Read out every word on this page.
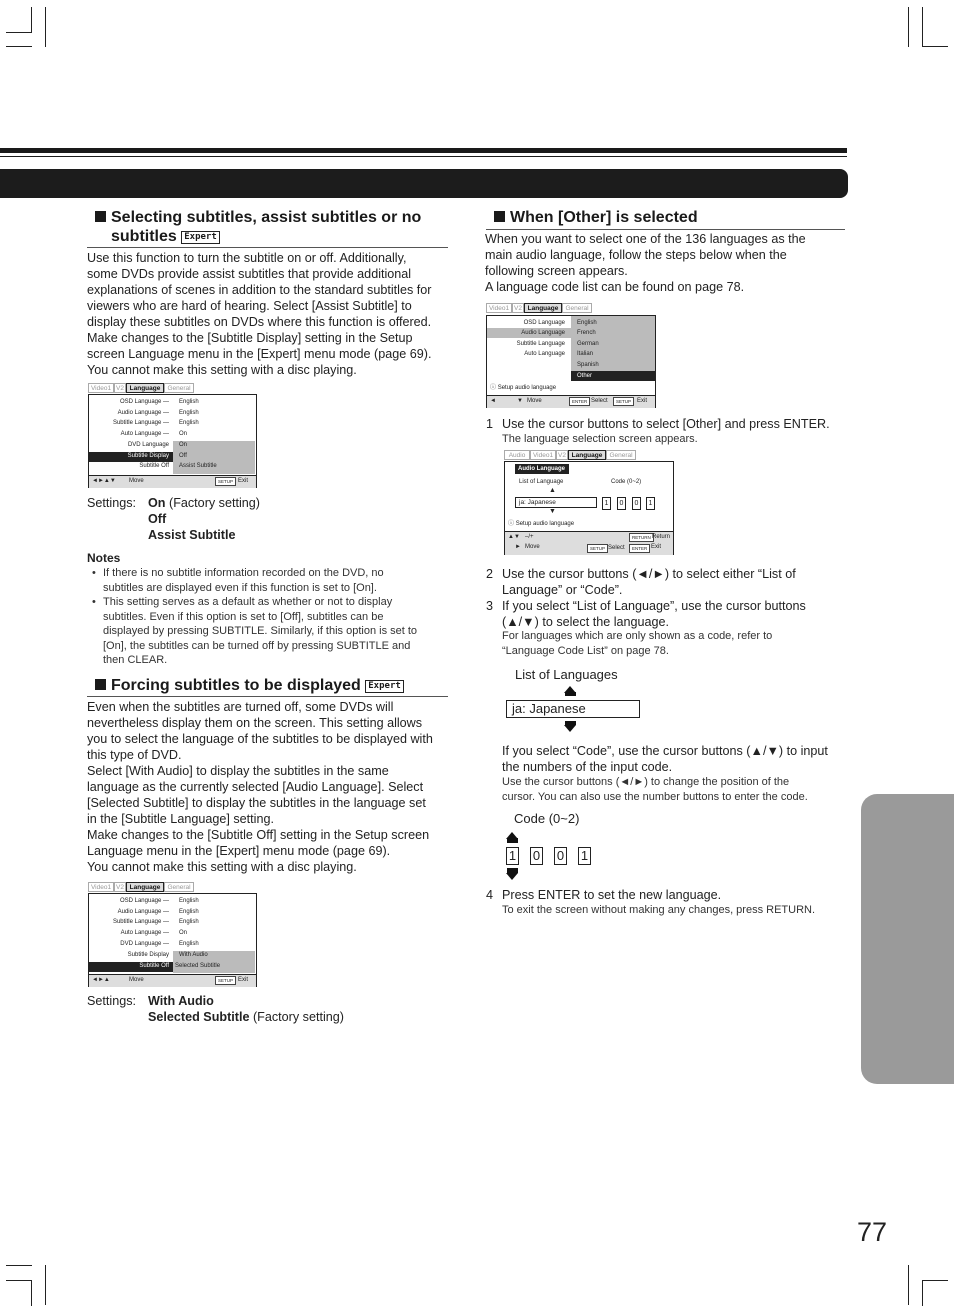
Selecting subtitles, assist subtitles or no
subtitles Expert
Use this function to turn the subtitle on or off. Additionally,
some DVDs provide assist subtitles that provide additional
explanations of scenes in addition to the standard subtitles for
viewers who are hard of hearing. Select [Assist Subtitle] to
display these subtitles on DVDs where this function is offered.
Make changes to the [Subtitle Display] setting in the Setup
screen Language menu in the [Expert] menu mode (page 69).
You cannot make this setting with a disc playing.
Video1 V2 Language	General
OSD Language — English
Audio Language — English
Subtitle Language — English
Auto Language — On
DVD Language On
Subtitle Display Off
Subtitle Off Assist Subtitle
◄►▲▼ Move	SETUP Exit
Settings: On (Factory setting)
Off
Assist Subtitle
Notes
• If there is no subtitle information recorded on the DVD, no
subtitles are displayed even if this function is set to [On].
• This setting serves as a default as whether or not to display
subtitles. Even if this option is set to [Off], subtitles can be
displayed by pressing SUBTITLE. Similarly, if this option is set to
[On], the subtitles can be turned off by pressing SUBTITLE and
then CLEAR.
Forcing subtitles to be displayed Expert
Even when the subtitles are turned off, some DVDs will
nevertheless display them on the screen. This setting allows
you to select the language of the subtitles to be displayed with
this type of DVD.
Select [With Audio] to display the subtitles in the same
language as the currently selected [Audio Language]. Select
[Selected Subtitle] to display the subtitles in the language set
in the [Subtitle Language] setting.
Make changes to the [Subtitle Off] setting in the Setup screen
Language menu in the [Expert] menu mode (page 69).
You cannot make this setting with a disc playing.
Video1 V2 Language	General
OSD Language — English
Audio Language — English
Subtitle Language — English
Auto Language — On
DVD Language — English
Subtitle Display With Audio
Subtitle Off Selected Subtitle
◄►▲	Move	SETUP Exit
Settings: With Audio
Selected Subtitle (Factory setting)
When [Other] is selected
When you want to select one of the 136 languages as the
main audio language, follow the steps below when the
following screen appears.
A language code list can be found on page 78.
Video1 V2 Language	General
OSD Language
Audio Language
Subtitle Language
Auto Language
English
French
German
Italian
Spanish
Other
ⓘ Setup audio language
◄	▼ Move	ENTER Select	SETUP Exit
1 Use the cursor buttons to select [Other] and press ENTER.
The language selection screen appears.
Audio	Video1 V2 Language	General
Audio Language
List of Language	Code (0~2)
▲
ja: Japanese
▼
1	0	0	1
ⓘ Setup audio language
▲▼ –/+	RETURN Return
► Move	SETUP Select	ENTER Exit
2 Use the cursor buttons (◄/►) to select either “List of
Language” or “Code”.
3 If you select “List of Language”, use the cursor buttons
(▲/▼) to select the language.
For languages which are only shown as a code, refer to
“Language Code List” on page 78.
List of Languages
ja: Japanese
If you select “Code”, use the cursor buttons (▲/▼) to input
the numbers of the input code.
Use the cursor buttons (◄/►) to change the position of the
cursor. You can also use the number buttons to enter the code.
Code (0~2)
1 0 0 1
4 Press ENTER to set the new language.
To exit the screen without making any changes, press RETURN.
77
